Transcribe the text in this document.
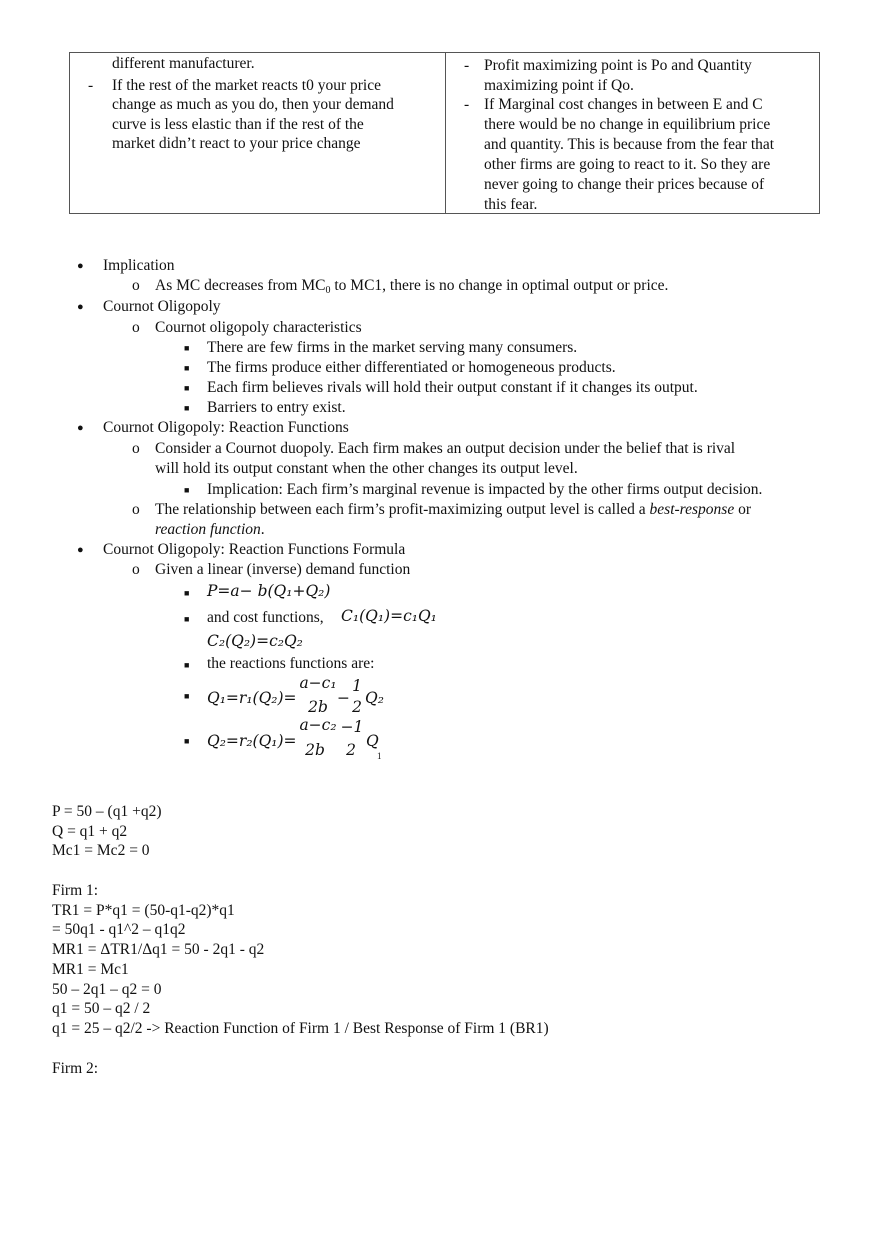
different manufacturer.
- If the rest of the market reacts t0 your price
change as much as you do, then your demand
curve is less elastic than if the rest of the
market didn’t react to your price change
- Profit maximizing point is Po and Quantity
maximizing point if Qo.
- If Marginal cost changes in between E and C
there would be no change in equilibrium price
and quantity. This is because from the fear that
other firms are going to react to it. So they are
never going to change their prices because of
this fear.
● Implication
o As MC decreases from $MC_0$ to MC1, there is no change in optimal output or price.
● Cournot Oligopoly
o Cournot oligopoly characteristics
■ There are few firms in the market serving many consumers.
■ The firms produce either differentiated or homogeneous products.
■ Each firm believes rivals will hold their output constant if it changes its output.
■ Barriers to entry exist.
● Cournot Oligopoly: Reaction Functions
o Consider a Cournot duopoly. Each firm makes an output decision under the belief that is rival
will hold its output constant when the other changes its output level.
■ Implication: Each firm’s marginal revenue is impacted by the other firms output decision.
o The relationship between each firm’s profit-maximizing output level is called a best-response or
reaction function.
● Cournot Oligopoly: Reaction Functions Formula
o Given a linear (inverse) demand function
■ P=a− b(Q₁+Q₂)
■ and cost functions, C₁(Q₁)=c₁Q₁
C₂(Q₂)=c₂Q₂
■ the reactions functions are:
■ Q₁=r₁(Q₂)=
a−c₁
2b −
1
2 Q₂
■ Q₂=r₂(Q₁)=
a−c₂
2b
−1
2 Q
1
P = 50 – (q1 +q2)
Q = q1 + q2
Mc1 = Mc2 = 0
Firm 1:
TR1 = P*q1 = (50-q1-q2)*q1
= 50q1 - q1^2 – q1q2
MR1 = ΔTR1/Δq1 = 50 - 2q1 - q2
MR1 = Mc1
50 – 2q1 – q2 = 0
q1 = 50 – q2 / 2
q1 = 25 – q2/2 -> Reaction Function of Firm 1 / Best Response of Firm 1 (BR1)
Firm 2:
